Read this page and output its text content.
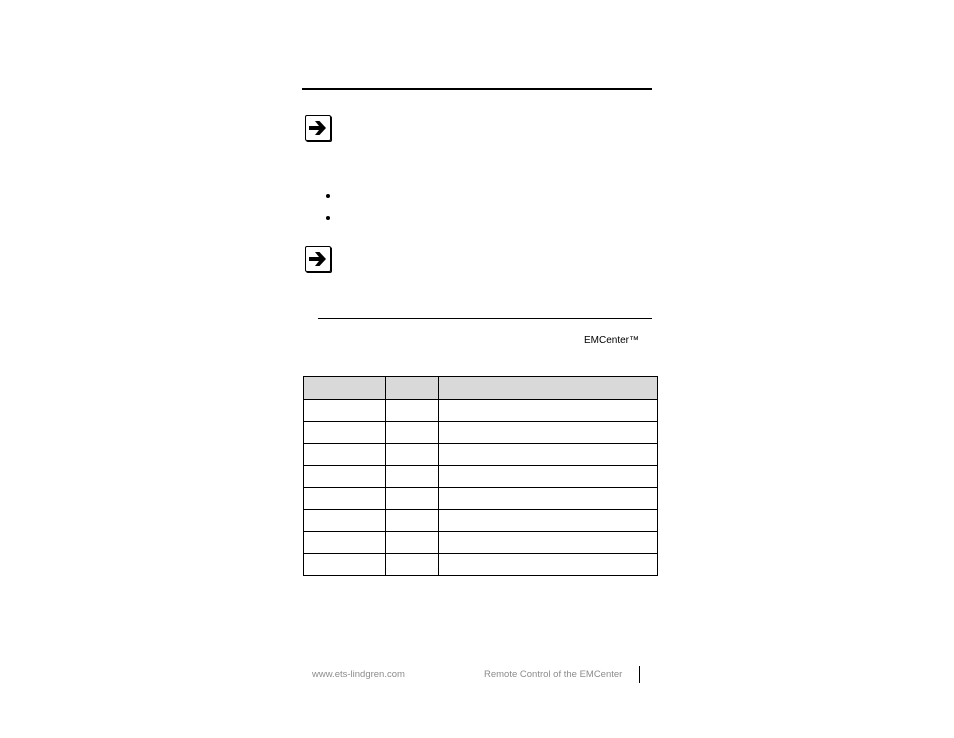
EMCenter™

www.ets-lindgren.com	Remote Control of the EMCenter
